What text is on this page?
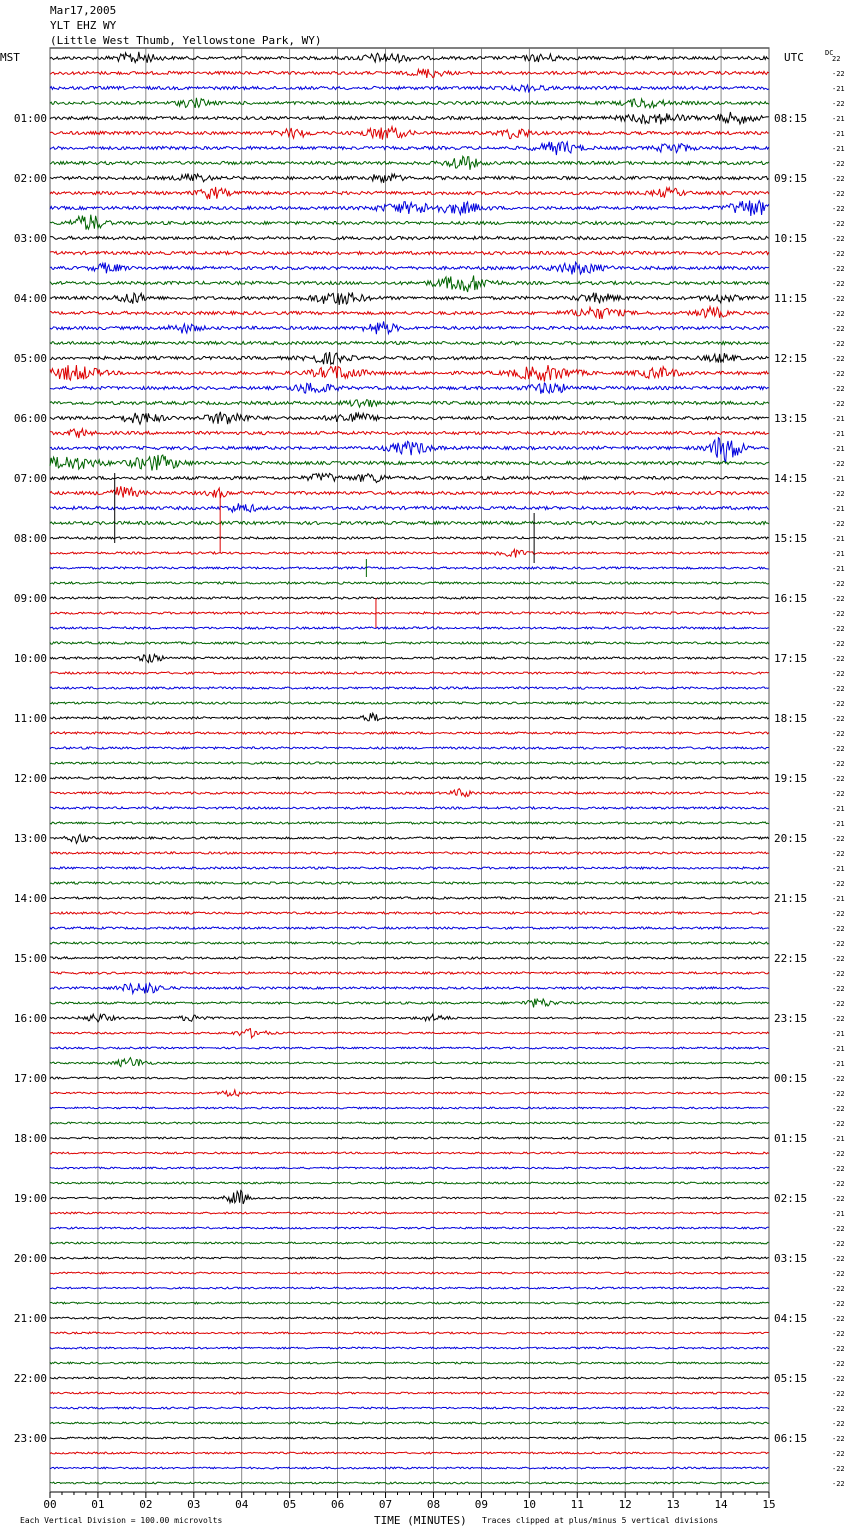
Mar17,2005
YLT EHZ WY
(Little West Thumb, Yellowstone Park, WY)
MST	UTC	DC
Each Vertical Division = 100.00 microvolts	TIME (MINUTES) Traces clipped at plus/minus 5 vertical divisions
00	01	02	03	04	05	06	07	08	09	10	11	12	13	14	15
01:00
02:00
03:00
04:00
05:00
06:00
07:00
08:00
09:00
10:00
11:00
12:00
13:00
14:00
15:00
16:00
17:00
18:00
19:00
20:00
21:00
22:00
23:00
08:15
09:15
10:15
11:15
12:15
13:15
14:15
15:15
16:15
17:15
18:15
19:15
20:15
21:15
22:15
23:15
00:15
01:15
02:15
03:15
04:15
05:15
06:15
22
-22
-21
-22
-21
-21
-21
-22
-22
-22
-22
-22
-22
-22
-22
-22
-22
-22
-22
-22
-22
-22
-22
-22
-21
-21
-21
-22
-21
-22
-21
-22
-21
-21
-21
-22
-22
-22
-22
-22
-22
-22
-22
-22
-22
-22
-22
-22
-22
-22
-21
-21
-22
-22
-21
-22
-21
-22
-22
-22
-22
-22
-22
-22
-22
-21
-21
-21
-22
-22
-22
-22
-21
-22
-22
-22
-22
-21
-22
-22
-22
-22
-22
-22
-22
-22
-22
-22
-22
-22
-22
-22
-22
-22
-22
-22
